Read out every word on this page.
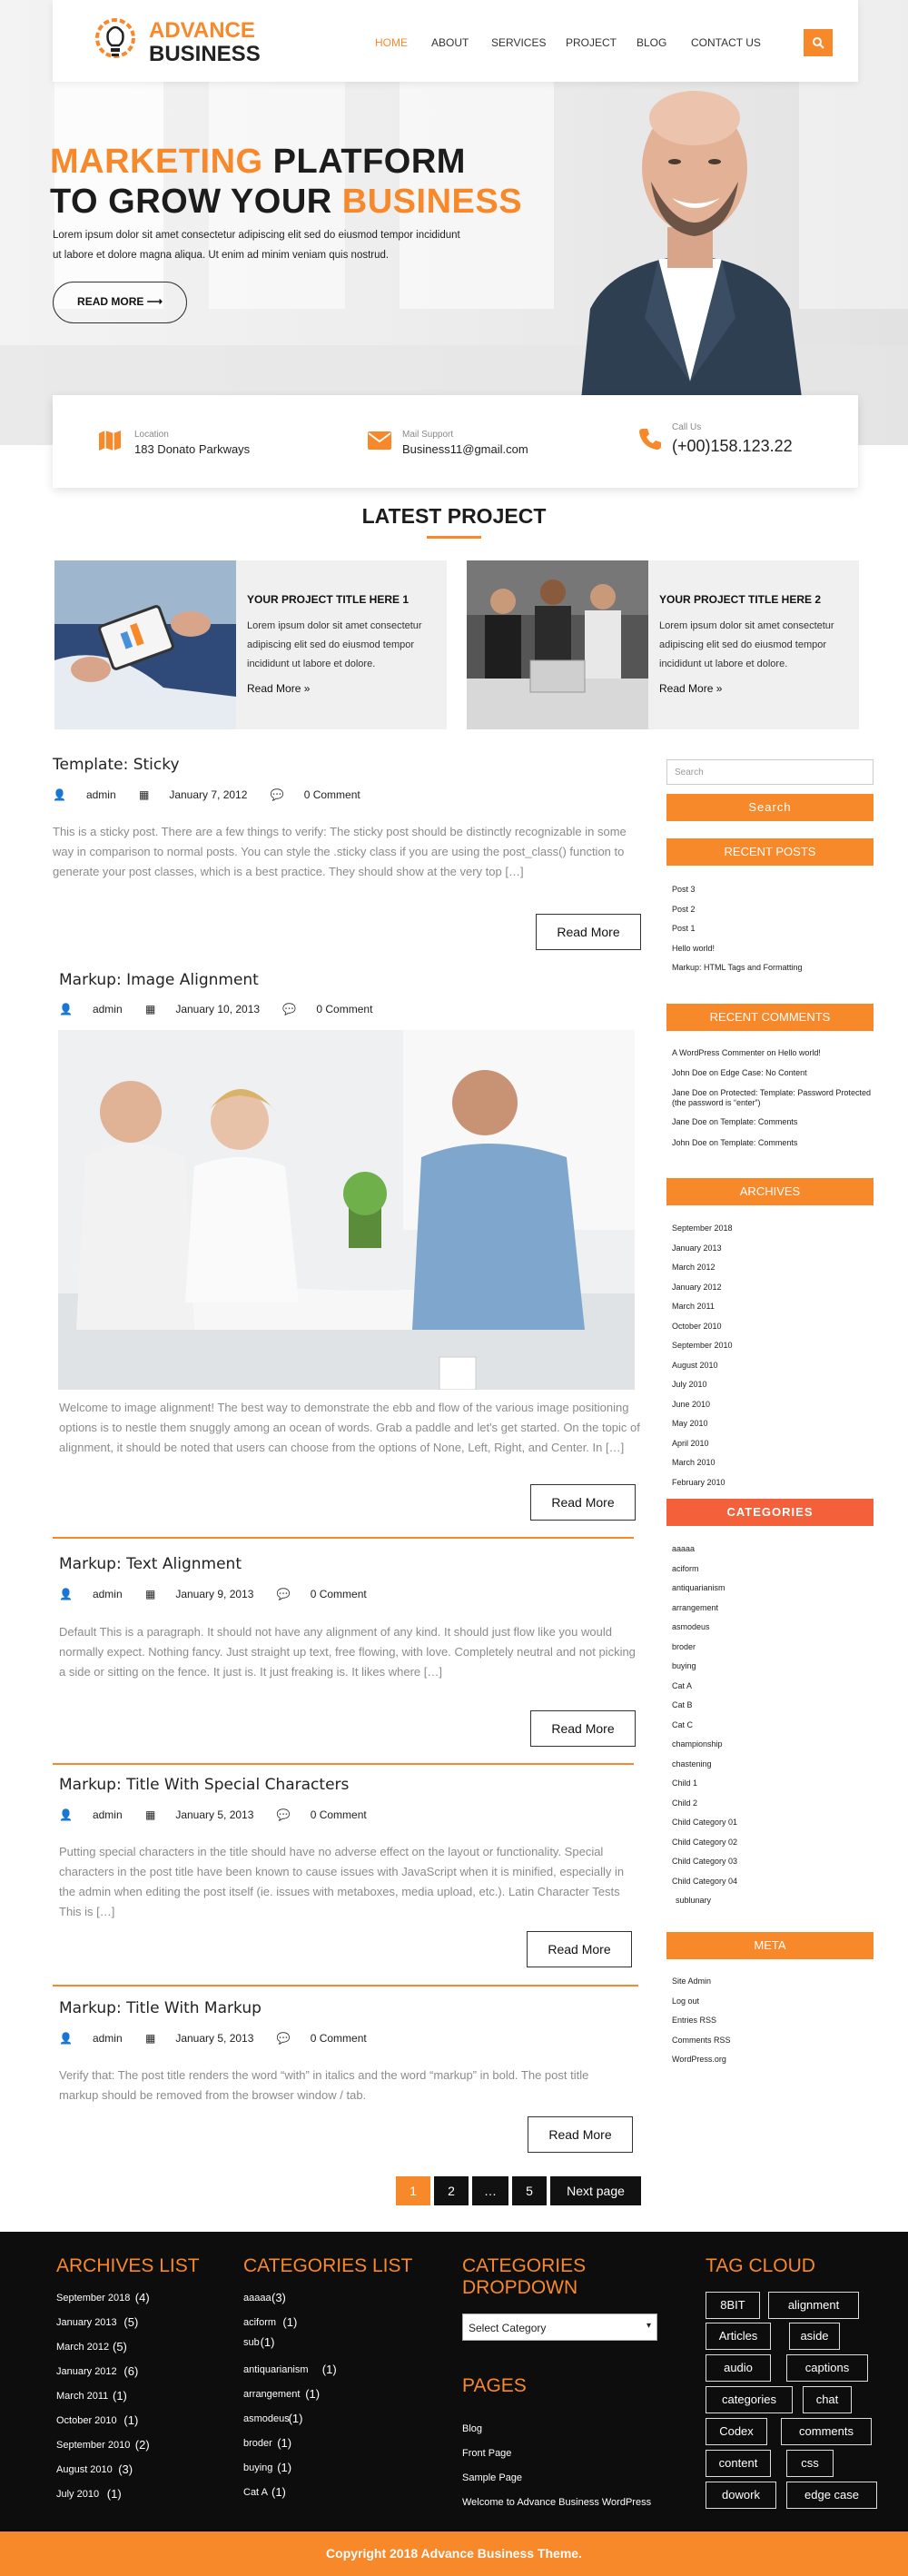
MARKETING PLATFORM
TO GROW YOUR BUSINESS
Lorem ipsum dolor sit amet consectetur adipiscing elit sed do eiusmod tempor incididunt
ut labore et dolore magna aliqua. Ut enim ad minim veniam quis nostrud.
READ MORE ⟶
ADVANCE
BUSINESS	HOME ABOUT SERVICES PROJECT BLOG CONTACT US
Location
183 Donato Parkways
Mail Support
Business11@gmail.com
Call Us
(+00)158.123.22
LATEST PROJECT
YOUR PROJECT TITLE HERE 1

Lorem ipsum dolor sit amet consectetur adipiscing elit sed do eiusmod tempor incididunt ut labore et dolore.

Read More »
YOUR PROJECT TITLE HERE 2

Lorem ipsum dolor sit amet consectetur adipiscing elit sed do eiusmod tempor incididunt ut labore et dolore.

Read More »
Template: Sticky
👤 admin ▦ January 7, 2012 💬 0 Comment
This is a sticky post. There are a few things to verify: The sticky post should be distinctly recognizable in some way in comparison to normal posts. You can style the .sticky class if you are using the post_class() function to generate your post classes, which is a best practice. They should show at the very top […]
Read More
Markup: Image Alignment
👤 admin ▦ January 10, 2013 💬 0 Comment
Welcome to image alignment! The best way to demonstrate the ebb and flow of the various image positioning options is to nestle them snuggly among an ocean of words. Grab a paddle and let's get started. On the topic of alignment, it should be noted that users can choose from the options of None, Left, Right, and Center. In […]
Read More
Markup: Text Alignment
👤 admin ▦ January 9, 2013 💬 0 Comment
Default This is a paragraph. It should not have any alignment of any kind. It should just flow like you would normally expect. Nothing fancy. Just straight up text, free flowing, with love. Completely neutral and not picking a side or sitting on the fence. It just is. It just freaking is. It likes where […]
Read More
Markup: Title With Special Characters
👤 admin ▦ January 5, 2013 💬 0 Comment
Putting special characters in the title should have no adverse effect on the layout or functionality. Special characters in the post title have been known to cause issues with JavaScript when it is minified, especially in the admin when editing the post itself (ie. issues with metaboxes, media upload, etc.). Latin Character Tests This is […]
Read More
Markup: Title With Markup
👤 admin ▦ January 5, 2013 💬 0 Comment
Verify that: The post title renders the word “with” in italics and the word “markup” in bold. The post title markup should be removed from the browser window / tab.
Read More
1	2	…	5	Next page
Search
Search
RECENT POSTS
Post 3
Post 2
Post 1
Hello world!
Markup: HTML Tags and Formatting
RECENT COMMENTS
A WordPress Commenter on Hello world!
John Doe on Edge Case: No Content
Jane Doe on Protected: Template: Password Protected (the password is “enter”)
Jane Doe on Template: Comments
John Doe on Template: Comments
ARCHIVES
September 2018
January 2013
March 2012
January 2012
March 2011
October 2010
September 2010
August 2010
July 2010
June 2010
May 2010
April 2010
March 2010
February 2010
CATEGORIES
aaaaa
aciform
antiquarianism
arrangement
asmodeus
broder
buying
Cat A
Cat B
Cat C
championship
chastening
Child 1
Child 2
Child Category 01
Child Category 02
Child Category 03
Child Category 04
sublunary
META
Site Admin
Log out
Entries RSS
Comments RSS
WordPress.org
ARCHIVES LIST
September 2018 (4)
January 2013 (5)
March 2012 (5)
January 2012 (6)
March 2011 (1)
October 2010 (1)
September 2010 (2)
August 2010 (3)
July 2010 (1)
CATEGORIES LIST
aaaaa (3)
aciform (1)
sub (1)
antiquarianism (1)
arrangement (1)
asmodeus
(1)
broder (1)
buying (1)
Cat A (1)
CATEGORIES
DROPDOWN
Select Category	▾
PAGES
Blog
Front Page
Sample Page
Welcome to Advance Business WordPress
TAG CLOUD
8BIT	alignment
Articles	aside
audio	captions
categories	chat
Codex	comments
content	css
dowork	edge case
Copyright 2018 Advance Business Theme.
